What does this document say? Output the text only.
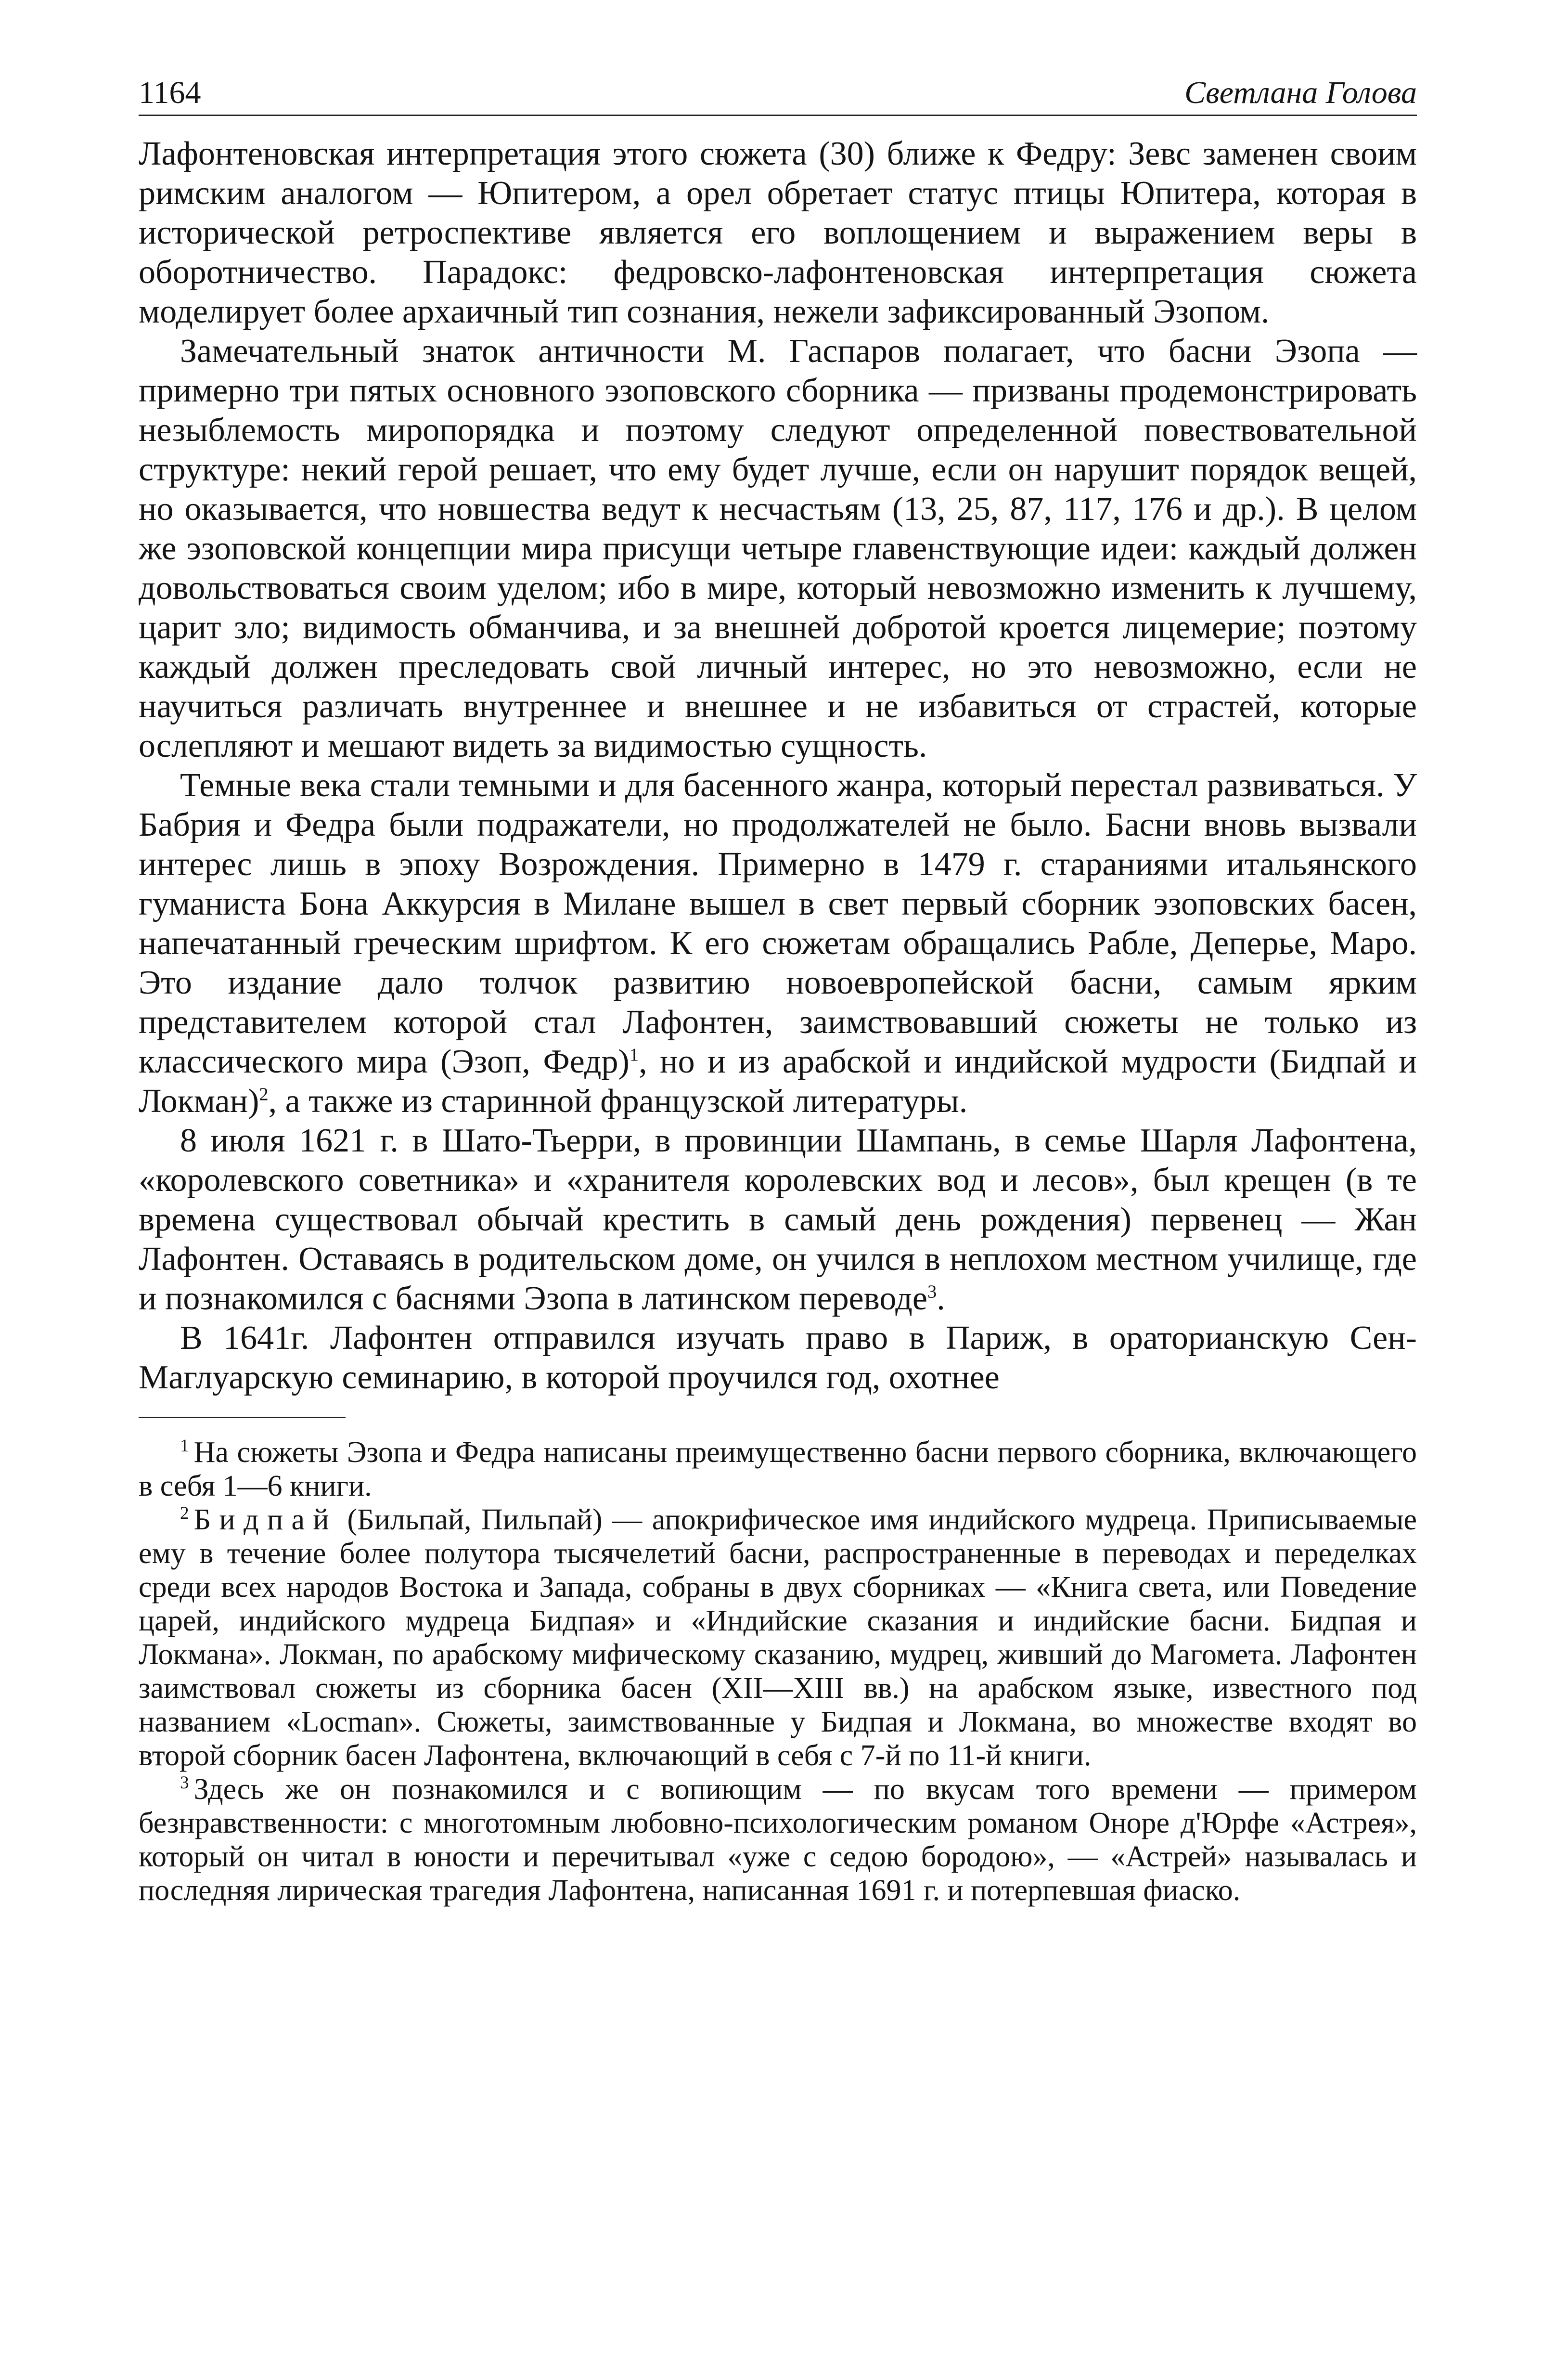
1164	Светлана Голова

Лафонтеновская интерпретация этого сюжета (30) ближе к Федру: Зевс заменен своим римским аналогом — Юпитером, а орел обретает статус птицы Юпитера, которая в исторической ретроспективе является его воплощением и выражением веры в оборотничество. Парадокс: федровско-лафонтеновская интерпретация сюжета моделирует более архаичный тип сознания, нежели зафиксированный Эзопом.

Замечательный знаток античности М. Гаспаров полагает, что басни Эзопа — примерно три пятых основного эзоповского сборника — призваны продемонстрировать незыблемость миропорядка и поэтому следуют определенной повествовательной структуре: некий герой решает, что ему будет лучше, если он нарушит порядок вещей, но оказывается, что новшества ведут к несчастьям (13, 25, 87, 117, 176 и др.). В целом же эзоповской концепции мира присущи четыре главенствующие идеи: каждый должен довольствоваться своим уделом; ибо в мире, который невозможно изменить к лучшему, царит зло; видимость обманчива, и за внешней добротой кроется лицемерие; поэтому каждый должен преследовать свой личный интерес, но это невозможно, если не научиться различать внутреннее и внешнее и не избавиться от страстей, которые ослепляют и мешают видеть за видимостью сущность.

Темные века стали темными и для басенного жанра, который перестал развиваться. У Бабрия и Федра были подражатели, но продолжателей не было. Басни вновь вызвали интерес лишь в эпоху Возрождения. Примерно в 1479 г. стараниями итальянского гуманиста Бона Аккурсия в Милане вышел в свет первый сборник эзоповских басен, напечатанный греческим шрифтом. К его сюжетам обращались Рабле, Деперье, Маро. Это издание дало толчок развитию новоевропейской басни, самым ярким представителем которой стал Лафонтен, заимствовавший сюжеты не только из классического мира (Эзоп, Федр)$^1$, но и из арабской и индийской мудрости (Бидпай и Локман)$^2$, а также из старинной французской литературы.

8 июля 1621 г. в Шато-Тьерри, в провинции Шампань, в семье Шарля Лафонтена, «королевского советника» и «хранителя королевских вод и лесов», был крещен (в те времена существовал обычай крестить в самый день рождения) первенец — Жан Лафонтен. Оставаясь в родительском доме, он учился в неплохом местном училище, где и познакомился с баснями Эзопа в латинском переводе$^3$.

В 1641г. Лафонтен отправился изучать право в Париж, в ораторианскую Сен-Маглуарскую семинарию, в которой проучился год, охотнее

$^1$ На сюжеты Эзопа и Федра написаны преимущественно басни первого сборника, включающего в себя 1—6 книги.

$^2$ Бидпай (Бильпай, Пильпай) — апокрифическое имя индийского мудреца. Приписываемые ему в течение более полутора тысячелетий басни, распространенные в переводах и переделках среди всех народов Востока и Запада, собраны в двух сборниках — «Книга света, или Поведение царей, индийского мудреца Бидпая» и «Индийские сказания и индийские басни. Бидпая и Локмана». Локман, по арабскому мифическому сказанию, мудрец, живший до Магомета. Лафонтен заимствовал сюжеты из сборника басен (XII—XIII вв.) на арабском языке, известного под названием «Locman». Сюжеты, заимствованные у Бидпая и Локмана, во множестве входят во второй сборник басен Лафонтена, включающий в себя с 7-й по 11-й книги.

$^3$ Здесь же он познакомился и с вопиющим — по вкусам того времени — примером безнравственности: с многотомным любовно-психологическим романом Оноре д'Юрфе «Астрея», который он читал в юности и перечитывал «уже с седою бородою», — «Астрей» называлась и последняя лирическая трагедия Лафонтена, написанная 1691 г. и потерпевшая фиаско.
